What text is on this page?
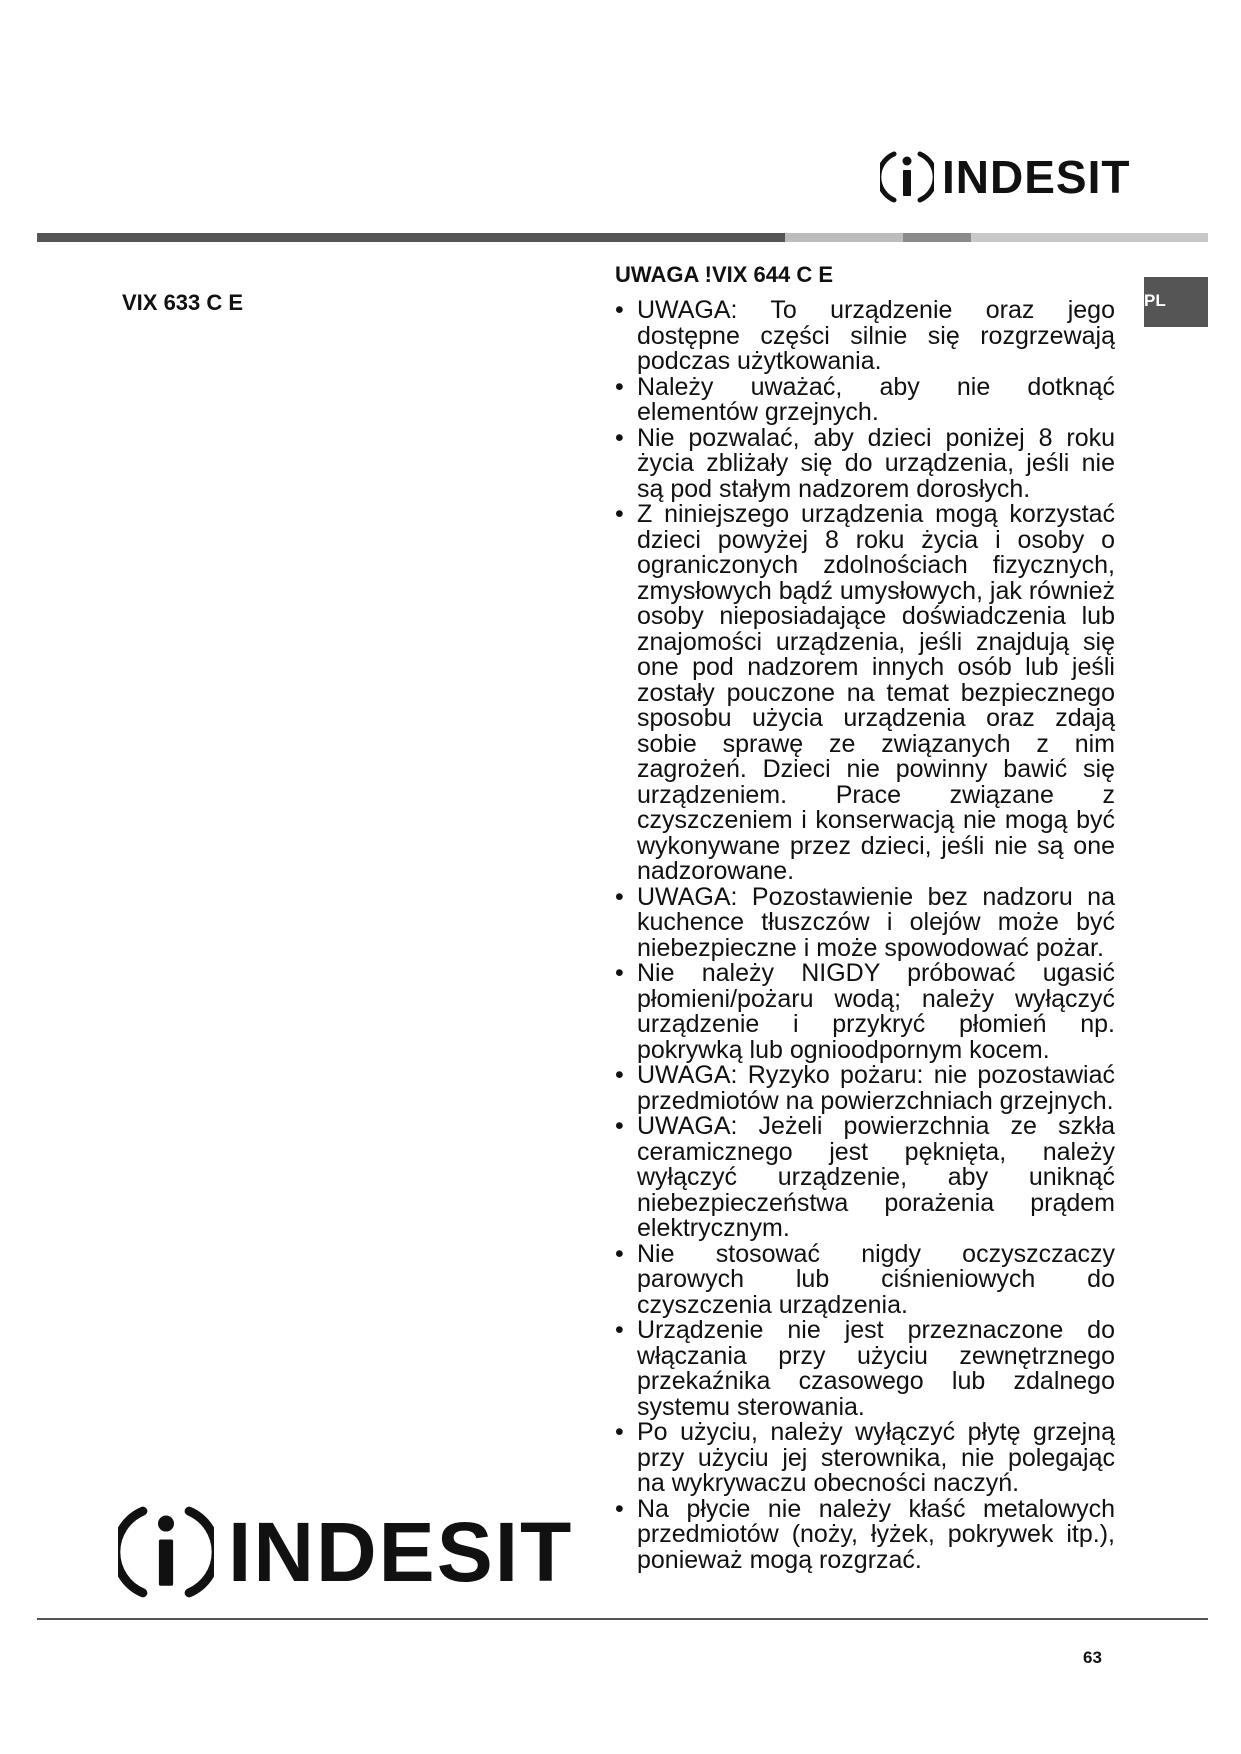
INDESIT

VIX 633 C E

UWAGA !VIX 644 C E

PL
• UWAGA: To urządzenie oraz jego dostępne części silnie się rozgrzewają podczas użytkowania.
• Należy uważać, aby nie dotknąć elementów grzejnych.
• Nie pozwalać, aby dzieci poniżej 8 roku życia zbliżały się do urządzenia, jeśli nie są pod stałym nadzorem dorosłych.
• Z niniejszego urządzenia mogą korzystać dzieci powyżej 8 roku życia i osoby o ograniczonych zdolnościach fizycznych, zmysłowych bądź umysłowych, jak również osoby nieposiadające doświadczenia lub znajomości urządzenia, jeśli znajdują się one pod nadzorem innych osób lub jeśli zostały pouczone na temat bezpiecznego sposobu użycia urządzenia oraz zdają sobie sprawę ze związanych z nim zagrożeń. Dzieci nie powinny bawić się urządzeniem. Prace związane z czyszczeniem i konserwacją nie mogą być wykonywane przez dzieci, jeśli nie są one nadzorowane.
• UWAGA: Pozostawienie bez nadzoru na kuchence tłuszczów i olejów może być niebezpieczne i może spowodować pożar.
• Nie należy NIGDY próbować ugasić płomieni/pożaru wodą; należy wyłączyć urządzenie i przykryć płomień np. pokrywką lub ognioodpornym kocem.
• UWAGA: Ryzyko pożaru: nie pozostawiać przedmiotów na powierzchniach grzejnych.
• UWAGA: Jeżeli powierzchnia ze szkła ceramicznego jest pęknięta, należy wyłączyć urządzenie, aby uniknąć niebezpieczeństwa porażenia prądem elektrycznym.
• Nie stosować nigdy oczyszczaczy parowych lub ciśnieniowych do czyszczenia urządzenia.
• Urządzenie nie jest przeznaczone do włączania przy użyciu zewnętrznego przekaźnika czasowego lub zdalnego systemu sterowania.
• Po użyciu, należy wyłączyć płytę grzejną przy użyciu jej sterownika, nie polegając na wykrywaczu obecności naczyń.
• Na płycie nie należy kłaść metalowych przedmiotów (noży, łyżek, pokrywek itp.), ponieważ mogą rozgrzać.
INDESIT
63
